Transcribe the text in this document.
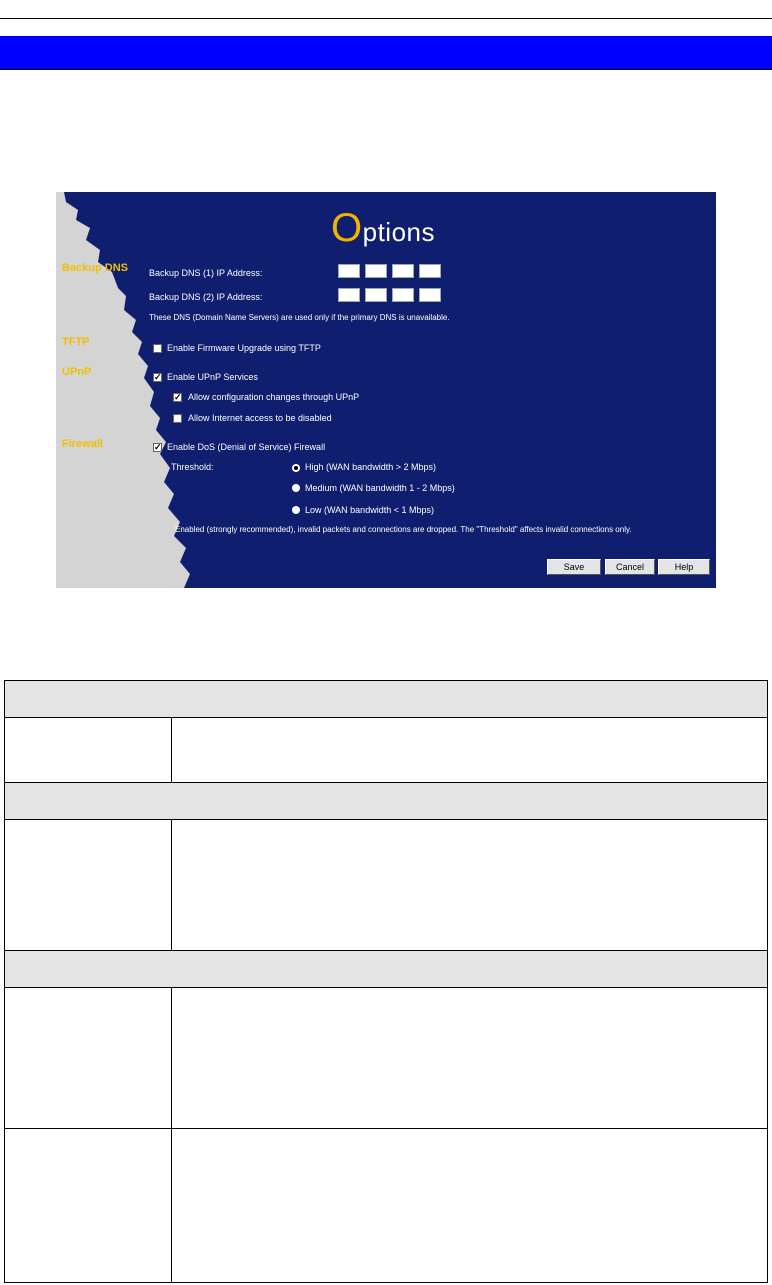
Options
Backup DNS
TFTP
UPnP
Firewall
Backup DNS (1) IP Address:
Backup DNS (2) IP Address:
These DNS (Domain Name Servers) are used only if the primary DNS is unavailable.
Enable Firmware Upgrade using TFTP
✓ Enable UPnP Services
✓ Allow configuration changes through UPnP
Allow Internet access to be disabled
✓ Enable DoS (Denial of Service) Firewall
Threshold:	High (WAN bandwidth > 2 Mbps)
Medium (WAN bandwidth 1 - 2 Mbps)
Low (WAN bandwidth < 1 Mbps)
Enabled (strongly recommended), invalid packets and connections are dropped. The "Threshold" affects invalid connections only.
Save	Cancel	Help
